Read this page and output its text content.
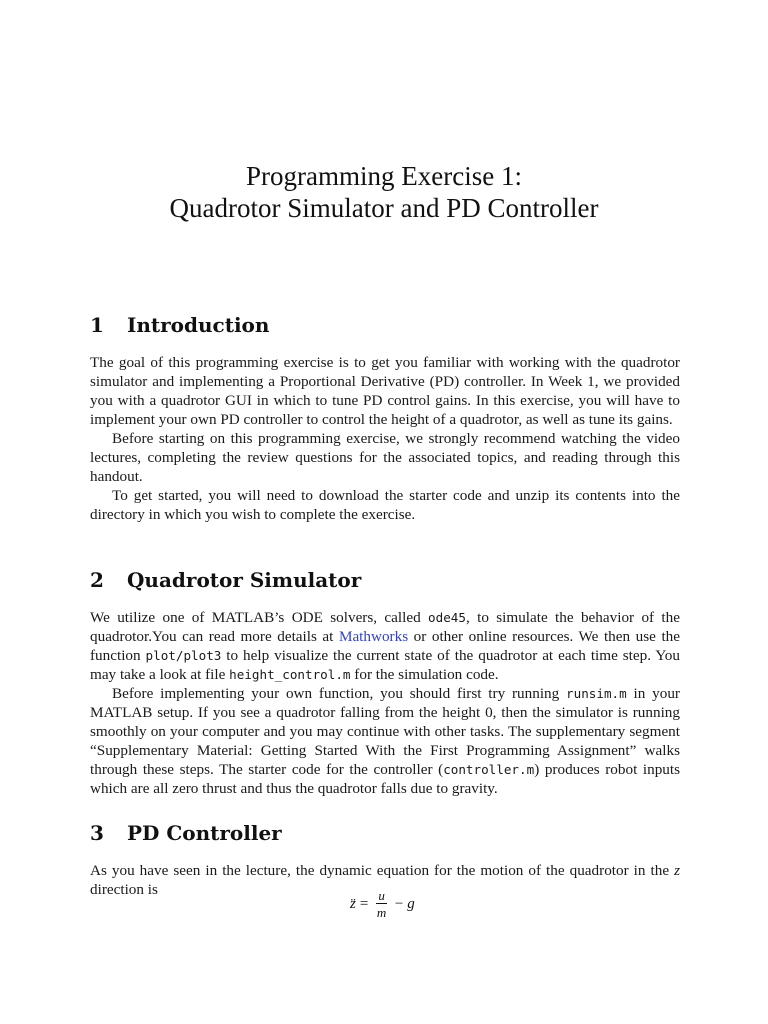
Programming Exercise 1:
Quadrotor Simulator and PD Controller
1 Introduction

The goal of this programming exercise is to get you familiar with working with the quadrotor simulator and implementing a Proportional Derivative (PD) controller. In Week 1, we provided you with a quadrotor GUI in which to tune PD control gains. In this exercise, you will have to implement your own PD controller to control the height of a quadrotor, as well as tune its gains.

Before starting on this programming exercise, we strongly recommend watching the video lectures, completing the review questions for the associated topics, and reading through this handout.

To get started, you will need to download the starter code and unzip its contents into the directory in which you wish to complete the exercise.

2 Quadrotor Simulator

We utilize one of MATLAB’s ODE solvers, called ode45, to simulate the behavior of the quadrotor.You can read more details at Mathworks or other online resources. We then use the function plot/plot3 to help visualize the current state of the quadrotor at each time step. You may take a look at file height_control.m for the simulation code.

Before implementing your own function, you should first try running runsim.m in your MATLAB setup. If you see a quadrotor falling from the height 0, then the simulator is running smoothly on your computer and you may continue with other tasks. The supplementary segment “Supplementary Material: Getting Started With the First Programming Assignment” walks through these steps. The starter code for the controller (controller.m) produces robot inputs which are all zero thrust and thus the quadrotor falls due to gravity.

3 PD Controller

As you have seen in the lecture, the dynamic equation for the motion of the quadrotor in the z direction is

z̈ = $\frac{u}{m} - g$
